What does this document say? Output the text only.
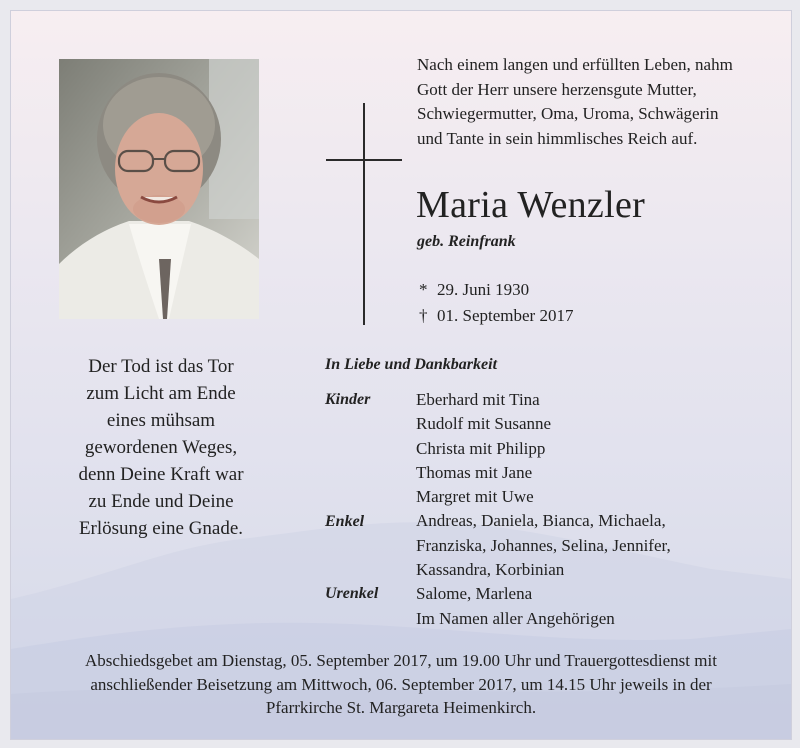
Nach einem langen und erfüllten Leben, nahm
Gott der Herr unsere herzensgute Mutter,
Schwiegermutter, Oma, Uroma, Schwägerin
und Tante in sein himmlisches Reich auf.
Maria Wenzler
geb. Reinfrank
* 29. Juni 1930
† 01. September 2017
Der Tod ist das Tor
zum Licht am Ende
eines mühsam
gewordenen Weges,
denn Deine Kraft war
zu Ende und Deine
Erlösung eine Gnade.
In Liebe und Dankbarkeit
Kinder
Enkel
Urenkel
Eberhard mit Tina
Rudolf mit Susanne
Christa mit Philipp
Thomas mit Jane
Margret mit Uwe
Andreas, Daniela, Bianca, Michaela,
Franziska, Johannes, Selina, Jennifer,
Kassandra, Korbinian
Salome, Marlena
Im Namen aller Angehörigen
Abschiedsgebet am Dienstag, 05. September 2017, um 19.00 Uhr und Trauergottesdienst mit
anschließender Beisetzung am Mittwoch, 06. September 2017, um 14.15 Uhr jeweils in der
Pfarrkirche St. Margareta Heimenkirch.
